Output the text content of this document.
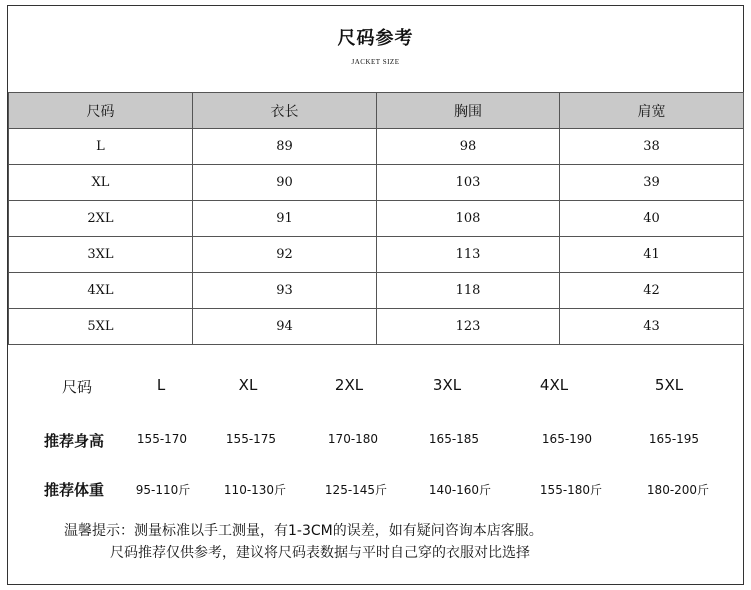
尺码参考
JACKET SIZE
尺码	衣长	胸围	肩宽
L	89	98	38
XL	90	103	39
2XL	91	108	40
3XL	92	113	41
4XL	93	118	42
5XL	94	123	43
尺码	L	XL	2XL	3XL	4XL	5XL
推荐身高	155-170	155-175	170-180	165-185	165-190	165-195
推荐体重	95-110斤	110-130斤	125-145斤	140-160斤	155-180斤	180-200斤
温馨提示：测量标准以手工测量，有1-3CM的误差，如有疑问咨询本店客服。
尺码推荐仅供参考，建议将尺码表数据与平时自己穿的衣服对比选择
